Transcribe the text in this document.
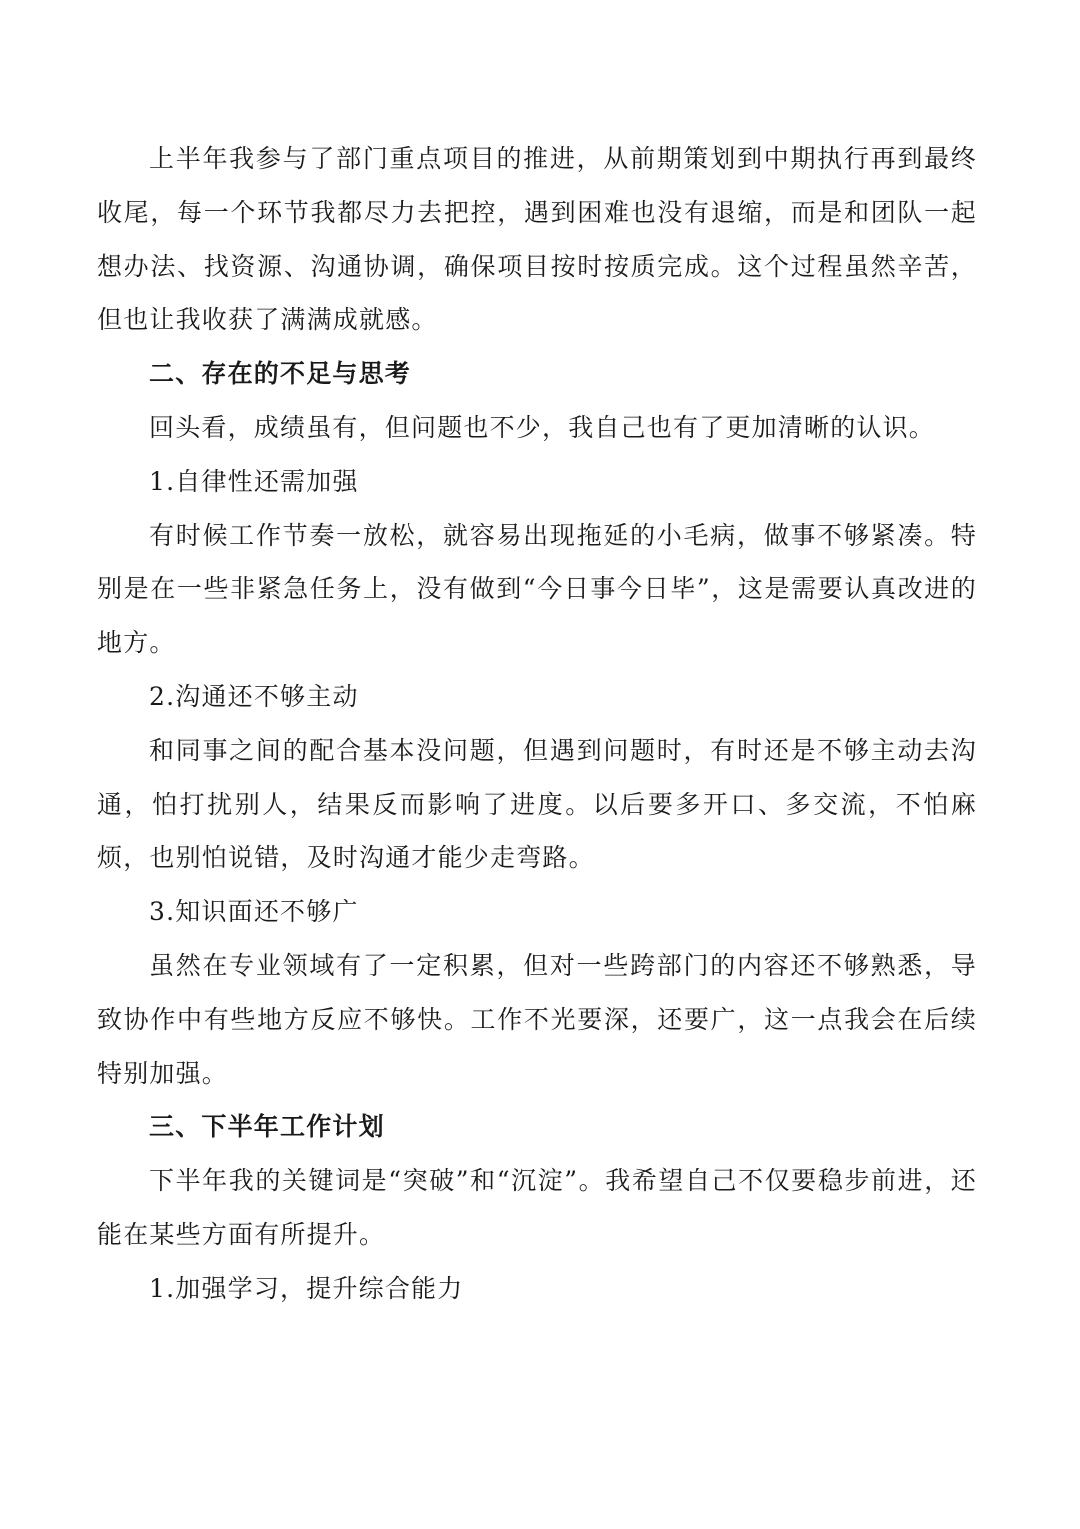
上半年我参与了部门重点项目的推进，从前期策划到中期执行再到最终收尾，每一个环节我都尽力去把控，遇到困难也没有退缩，而是和团队一起想办法、找资源、沟通协调，确保项目按时按质完成。这个过程虽然辛苦，但也让我收获了满满成就感。

二、存在的不足与思考

回头看，成绩虽有，但问题也不少，我自己也有了更加清晰的认识。

1.自律性还需加强

有时候工作节奏一放松，就容易出现拖延的小毛病，做事不够紧凑。特别是在一些非紧急任务上，没有做到“今日事今日毕”，这是需要认真改进的地方。

2.沟通还不够主动

和同事之间的配合基本没问题，但遇到问题时，有时还是不够主动去沟通，怕打扰别人，结果反而影响了进度。以后要多开口、多交流，不怕麻烦，也别怕说错，及时沟通才能少走弯路。

3.知识面还不够广

虽然在专业领域有了一定积累，但对一些跨部门的内容还不够熟悉，导致协作中有些地方反应不够快。工作不光要深，还要广，这一点我会在后续特别加强。

三、下半年工作计划

下半年我的关键词是“突破”和“沉淀”。我希望自己不仅要稳步前进，还能在某些方面有所提升。

1.加强学习，提升综合能力
